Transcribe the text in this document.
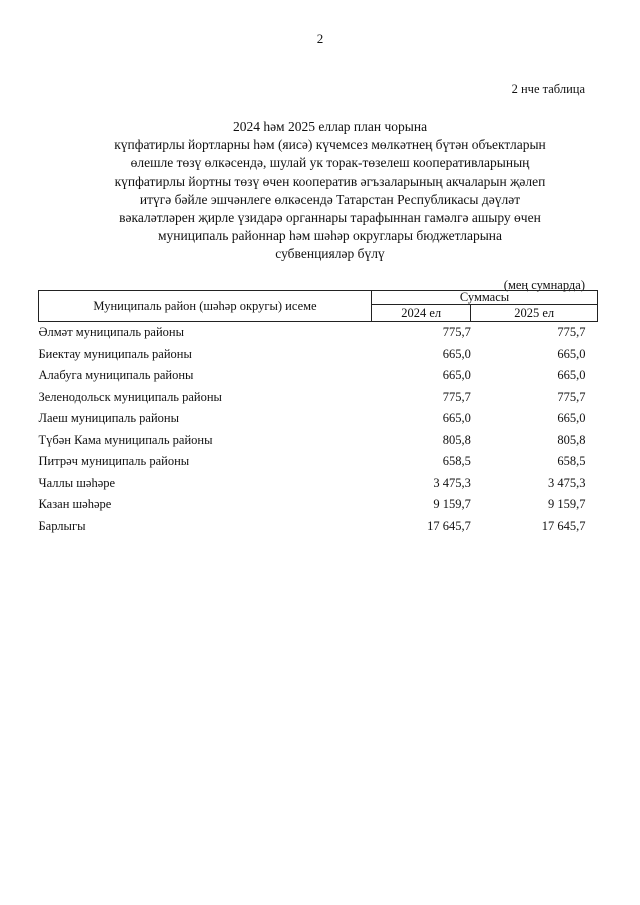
2
2 нче таблица
2024 һәм 2025 еллар план чорына
күпфатирлы йортларны һәм (яисә) күчемсез мөлкәтнең бүтән объектларын
өлешле төзү өлкәсендә, шулай ук торак-төзелеш кооперативларының
күпфатирлы йортны төзү өчен кооператив әгъзаларының акчаларын җәлеп
итүгә бәйле эшчәнлеге өлкәсендә Татарстан Республикасы дәүләт
вәкаләтләрен җирле үзидарә органнары тарафыннан гамәлгә ашыру өчен
муниципаль районнар һәм шәһәр округлары бюджетларына
субвенцияләр бүлү
(мең сумнарда)
Муниципаль район (шәһәр округы) исеме	Суммасы	
	2024 ел	2025 ел
Әлмәт муниципаль районы	775,7	775,7
Биектау муниципаль районы	665,0	665,0
Алабуга муниципаль районы	665,0	665,0
Зеленодольск муниципаль районы	775,7	775,7
Лаеш муниципаль районы	665,0	665,0
Түбән Кама муниципаль районы	805,8	805,8
Питрәч муниципаль районы	658,5	658,5
Чаллы шәһәре	3 475,3	3 475,3
Казан шәһәре	9 159,7	9 159,7
Барлыгы	17 645,7	17 645,7
